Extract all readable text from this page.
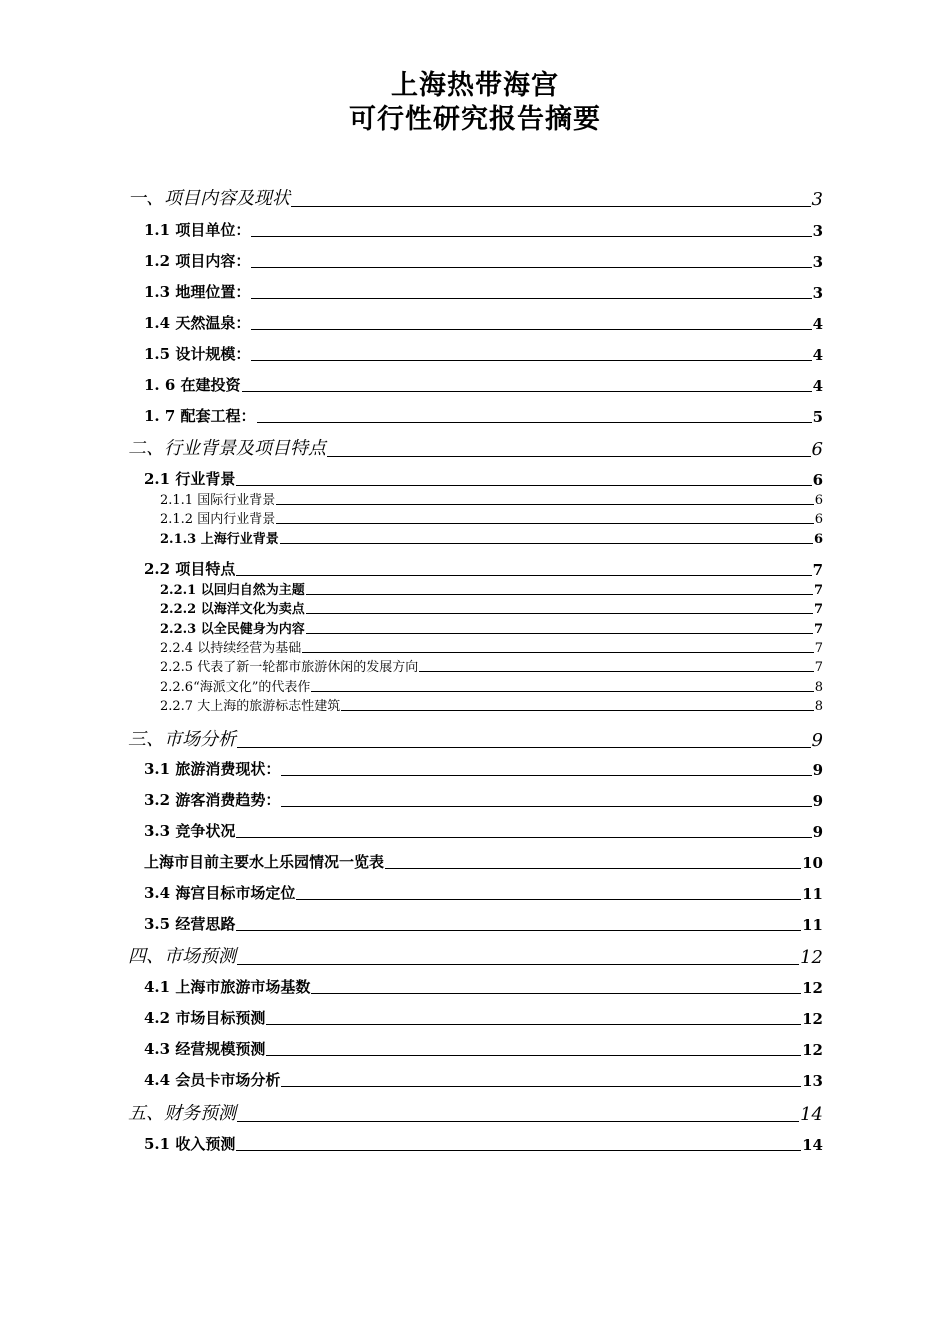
上海热带海宫
可行性研究报告摘要
一、项目内容及现状	3
1.1 项目单位：	3
1.2 项目内容：	3
1.3 地理位置：	3
1.4 天然温泉：	4
1.5 设计规模：	4
1. 6 在建投资	4
1. 7 配套工程：	5
二、行业背景及项目特点	6
2.1 行业背景	6
2.1.1 国际行业背景	6
2.1.2 国内行业背景	6
2.1.3 上海行业背景	6
2.2 项目特点	7
2.2.1 以回归自然为主题	7
2.2.2 以海洋文化为卖点	7
2.2.3 以全民健身为内容	7
2.2.4 以持续经营为基础	7
2.2.5 代表了新一轮都市旅游休闲的发展方向	7
2.2.6“海派文化”的代表作	8
2.2.7 大上海的旅游标志性建筑	8
三、市场分析	9
3.1 旅游消费现状：	9
3.2 游客消费趋势：	9
3.3 竞争状况	9
上海市目前主要水上乐园情况一览表	10
3.4 海宫目标市场定位	11
3.5 经营思路	11
四、市场预测	12
4.1 上海市旅游市场基数	12
4.2 市场目标预测	12
4.3 经营规模预测	12
4.4 会员卡市场分析	13
五、财务预测	14
5.1 收入预测	14
